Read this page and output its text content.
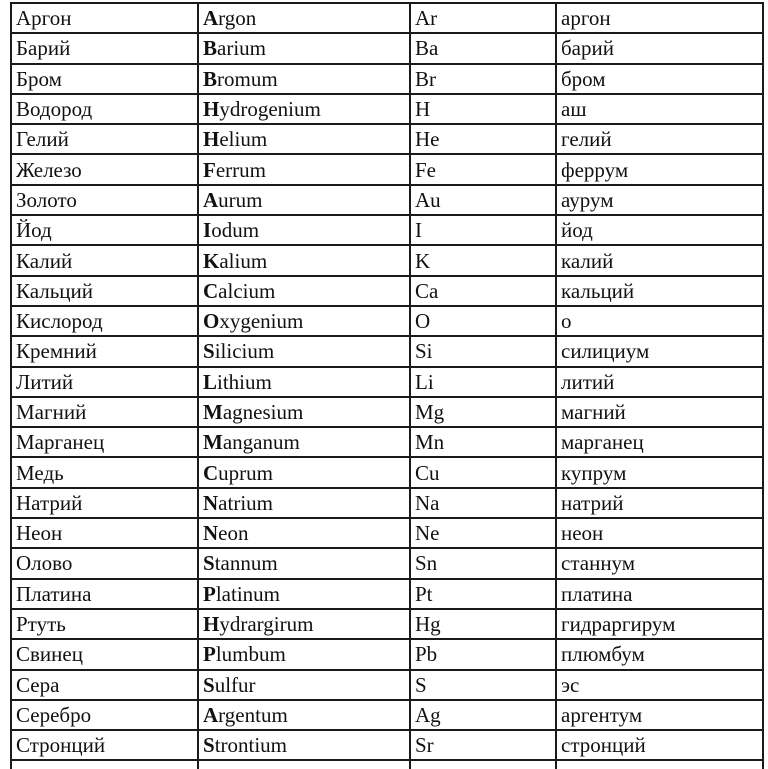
Аргон	Argon	Ar	аргон
Барий	Barium	Ba	барий
Бром	Bromum	Br	бром
Водород	Hydrogenium	H	аш
Гелий	Helium	He	гелий
Железо	Ferrum	Fe	феррум
Золото	Aurum	Au	аурум
Йод	Iodum	I	йод
Калий	Kalium	K	калий
Кальций	Calcium	Ca	кальций
Кислород	Oxygenium	O	о
Кремний	Silicium	Si	силициум
Литий	Lithium	Li	литий
Магний	Magnesium	Mg	магний
Марганец	Manganum	Mn	марганец
Медь	Cuprum	Cu	купрум
Натрий	Natrium	Na	натрий
Неон	Neon	Ne	неон
Олово	Stannum	Sn	станнум
Платина	Platinum	Pt	платина
Ртуть	Hydrargirum	Hg	гидраргирум
Свинец	Plumbum	Pb	плюмбум
Сера	Sulfur	S	эс
Серебро	Argentum	Ag	аргентум
Стронций	Strontium	Sr	стронций
